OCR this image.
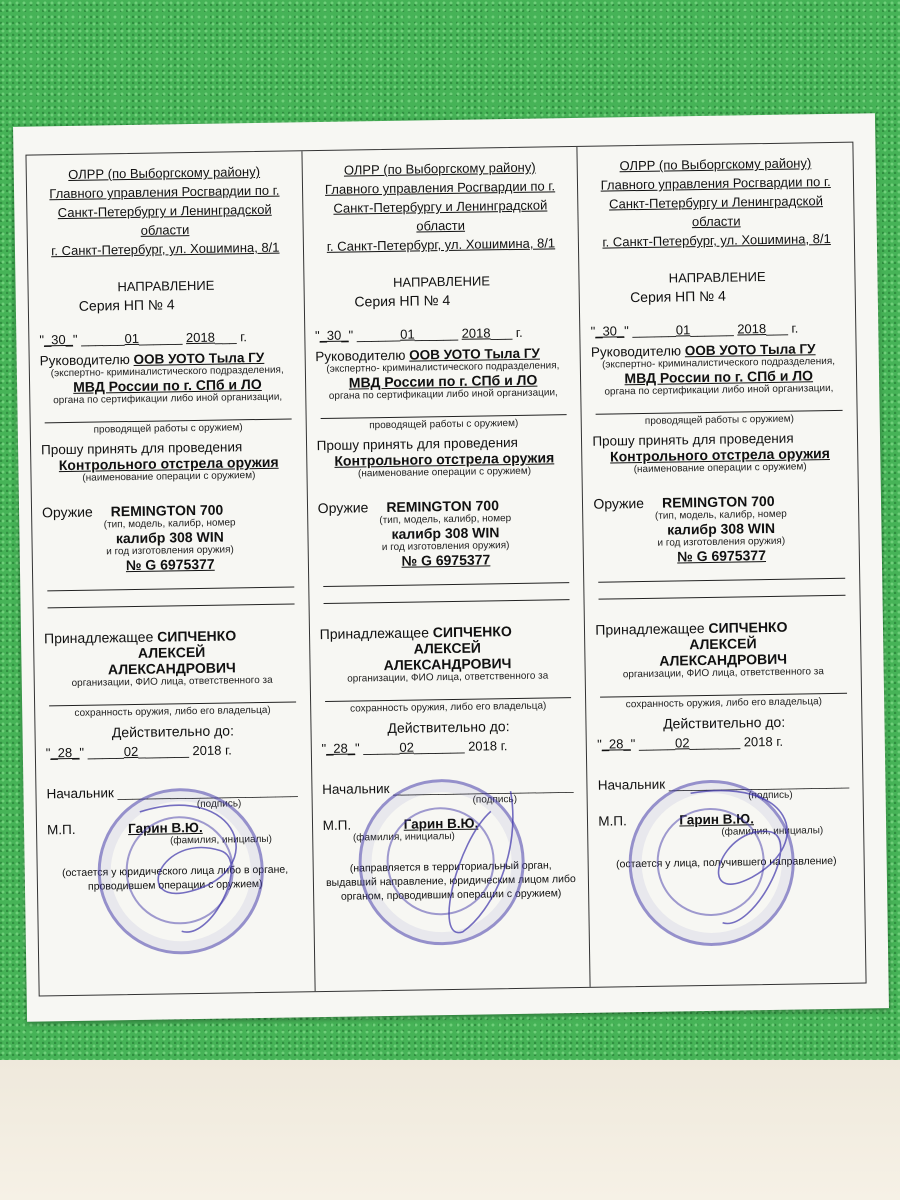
ОЛРР (по Выборгскому району)
Главного управления Росгвардии по г.
Санкт-Петербургу и Ленинградской
области
г. Санкт-Петербург, ул. Хошимина, 8/1
НАПРАВЛЕНИЕ
Серия НП № 4
"_30_" ______01______ 2018___ г.
Руководителю ООВ УОТО Тыла ГУ
(экспертно- криминалистического подразделения,
МВД России по г. СПб и ЛО
органа по сертификации либо иной организации,
проводящей работы с оружием)
Прошу принять для проведения
Контрольного отстрела оружия
(наименование операции с оружием)
Оружие REMINGTON 700
(тип, модель, калибр, номер
калибр 308 WIN
и год изготовления оружия)
№ G 6975377
Принадлежащее СИПЧЕНКО
АЛЕКСЕЙ
АЛЕКСАНДРОВИЧ
организации, ФИО лица, ответственного за
сохранность оружия, либо его владельца)
Действительно до:
"_28_" _____02_______ 2018 г.
Начальник ________________________
(подпись)
М.П.	Гарин В.Ю.
(фамилия, инициалы)
(остается у юридического лица либо в органе, проводившем операции с оружием)
ОЛРР (по Выборгскому району)
Главного управления Росгвардии по г.
Санкт-Петербургу и Ленинградской
области
г. Санкт-Петербург, ул. Хошимина, 8/1
НАПРАВЛЕНИЕ
Серия НП № 4
"_30_" ______01______ 2018___ г.
Руководителю ООВ УОТО Тыла ГУ
(экспертно- криминалистического подразделения,
МВД России по г. СПб и ЛО
органа по сертификации либо иной организации,
проводящей работы с оружием)
Прошу принять для проведения
Контрольного отстрела оружия
(наименование операции с оружием)
Оружие REMINGTON 700
(тип, модель, калибр, номер
калибр 308 WIN
и год изготовления оружия)
№ G 6975377
Принадлежащее СИПЧЕНКО
АЛЕКСЕЙ
АЛЕКСАНДРОВИЧ
организации, ФИО лица, ответственного за
сохранность оружия, либо его владельца)
Действительно до:
"_28_" _____02_______ 2018 г.
Начальник ________________________
(подпись)
М.П.	Гарин В.Ю.
(фамилия, инициалы)
(направляется в территориальный орган, выдавший направление, юридическим лицом либо органом, проводившим операции с оружием)
ОЛРР (по Выборгскому району)
Главного управления Росгвардии по г.
Санкт-Петербургу и Ленинградской
области
г. Санкт-Петербург, ул. Хошимина, 8/1
НАПРАВЛЕНИЕ
Серия НП № 4
"_30_" ______01______ 2018___ г.
Руководителю ООВ УОТО Тыла ГУ
(экспертно- криминалистического подразделения,
МВД России по г. СПб и ЛО
органа по сертификации либо иной организации,
проводящей работы с оружием)
Прошу принять для проведения
Контрольного отстрела оружия
(наименование операции с оружием)
Оружие REMINGTON 700
(тип, модель, калибр, номер
калибр 308 WIN
и год изготовления оружия)
№ G 6975377
Принадлежащее СИПЧЕНКО
АЛЕКСЕЙ
АЛЕКСАНДРОВИЧ
организации, ФИО лица, ответственного за
сохранность оружия, либо его владельца)
Действительно до:
"_28_" _____02_______ 2018 г.
Начальник ________________________
(подпись)
М.П.	Гарин В.Ю.
(фамилия, инициалы)
(остается у лица, получившего направление)
